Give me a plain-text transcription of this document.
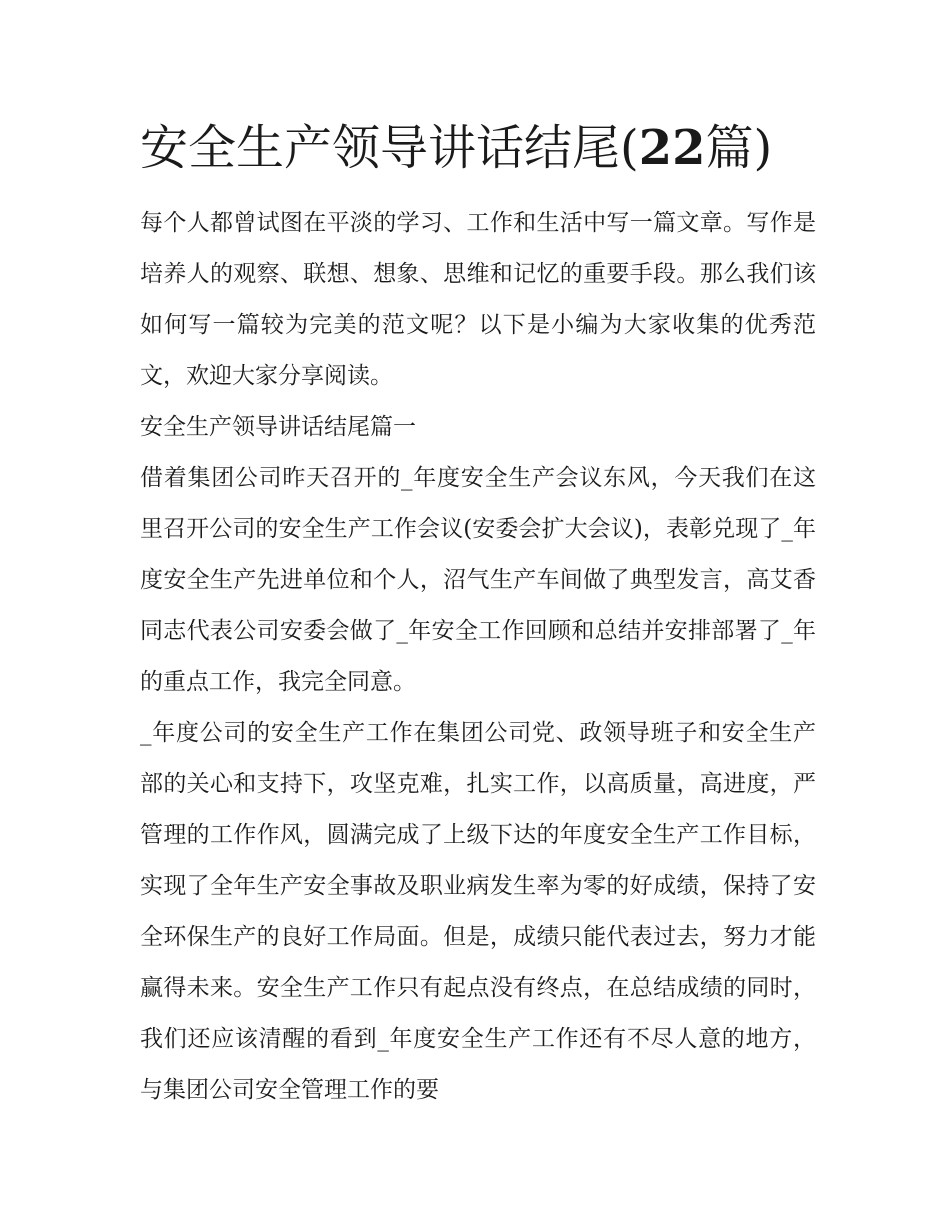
安全生产领导讲话结尾(22篇)

每个人都曾试图在平淡的学习、工作和生活中写一篇文章。写作是培养人的观察、联想、想象、思维和记忆的重要手段。那么我们该如何写一篇较为完美的范文呢？以下是小编为大家收集的优秀范文，欢迎大家分享阅读。

安全生产领导讲话结尾篇一

借着集团公司昨天召开的_年度安全生产会议东风，今天我们在这里召开公司的安全生产工作会议(安委会扩大会议)，表彰兑现了_年度安全生产先进单位和个人，沼气生产车间做了典型发言，高艾香同志代表公司安委会做了_年安全工作回顾和总结并安排部署了_年的重点工作，我完全同意。

_年度公司的安全生产工作在集团公司党、政领导班子和安全生产部的关心和支持下，攻坚克难，扎实工作，以高质量，高进度，严管理的工作作风，圆满完成了上级下达的年度安全生产工作目标，实现了全年生产安全事故及职业病发生率为零的好成绩，保持了安全环保生产的良好工作局面。但是，成绩只能代表过去，努力才能赢得未来。安全生产工作只有起点没有终点，在总结成绩的同时，我们还应该清醒的看到_年度安全生产工作还有不尽人意的地方，与集团公司安全管理工作的要
